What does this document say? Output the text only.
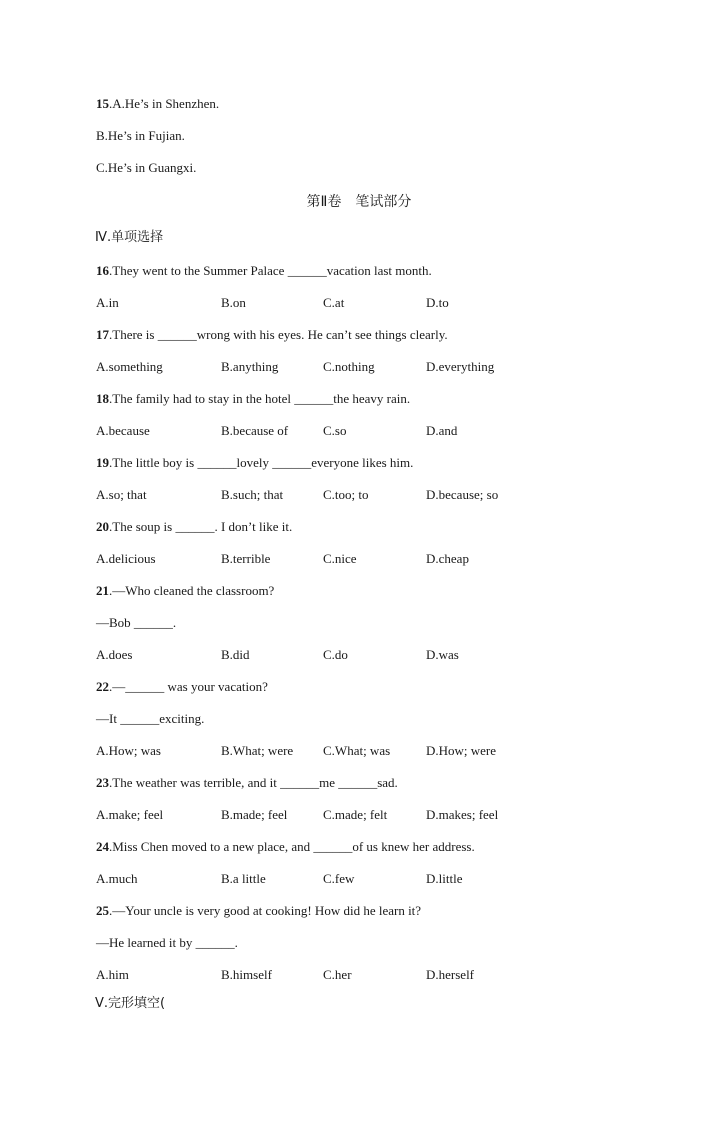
15.A.He’s in Shenzhen.
B.He’s in Fujian.
C.He’s in Guangxi.
第Ⅱ卷　笔试部分
Ⅳ.单项选择
16.They went to the Summer Palace ______vacation last month.
A.in	B.on	C.at	D.to
17.There is ______wrong with his eyes. He can’t see things clearly.
A.something	B.anything	C.nothing	D.everything
18.The family had to stay in the hotel ______the heavy rain.
A.because	B.because of	C.so	D.and
19.The little boy is ______lovely ______everyone likes him.
A.so; that	B.such; that	C.too; to	D.because; so
20.The soup is ______. I don’t like it.
A.delicious	B.terrible	C.nice	D.cheap
21.—Who cleaned the classroom?
—Bob ______.
A.does	B.did	C.do	D.was
22.—______ was your vacation?
—It ______exciting.
A.How; was	B.What; were C.What; was	D.How; were
23.The weather was terrible, and it ______me ______sad.
A.make; feel	B.made; feel	C.made; felt	D.makes; feel
24.Miss Chen moved to a new place, and ______of us knew her address.
A.much	B.a little	C.few	D.little
25.—Your uncle is very good at cooking! How did he learn it?
—He learned it by ______.
A.him	B.himself	C.her	D.herself
Ⅴ.完形填空(
